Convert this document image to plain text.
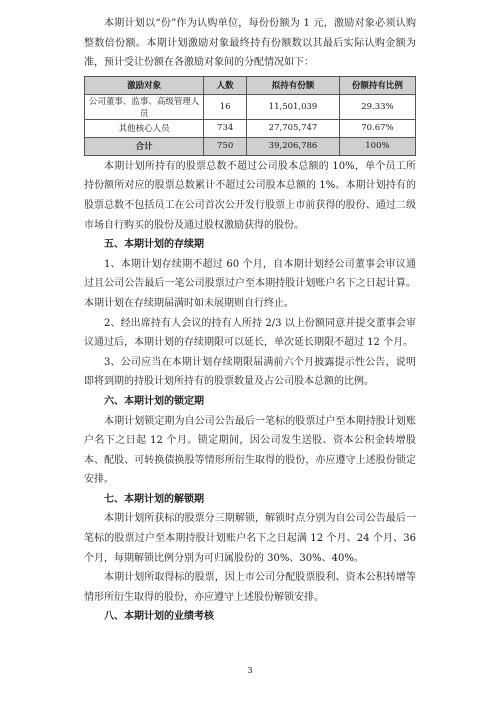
本期计划以“份”作为认购单位，每份份额为 1 元，激励对象必须认购整数倍份额。本期计划激励对象最终持有份额数以其最后实际认购金额为准，预计受让份额在各激励对象间的分配情况如下：

激励对象	人数	拟持有份额	份额持有比例
公司董事、监事、高级管理人员	16	11,501,039	29.33%
其他核心人员	734	27,705,747	70.67%
合计	750	39,206,786	100%

本期计划所持有的股票总数不超过公司股本总额的 10%，单个员工所持份额所对应的股票总数累计不超过公司股本总额的 1%。本期计划持有的股票总数不包括员工在公司首次公开发行股票上市前获得的股份、通过二级市场自行购买的股份及通过股权激励获得的股份。

五、本期计划的存续期

1、本期计划存续期不超过 60 个月，自本期计划经公司董事会审议通过且公司公告最后一笔公司股票过户至本期持股计划账户名下之日起计算。本期计划在存续期届满时如未展期则自行终止。

2、经出席持有人会议的持有人所持 2/3 以上份额同意并提交董事会审议通过后，本期计划的存续期限可以延长，单次延长期限不超过 12 个月。

3、公司应当在本期计划存续期限届满前六个月披露提示性公告，说明即将到期的持股计划所持有的股票数量及占公司股本总额的比例。

六、本期计划的锁定期

本期计划锁定期为自公司公告最后一笔标的股票过户至本期持股计划账户名下之日起 12 个月。锁定期间，因公司发生送股、资本公积金转增股本、配股、可转换债换股等情形所衍生取得的股份，亦应遵守上述股份锁定安排。

七、本期计划的解锁期

本期计划所获标的股票分三期解锁，解锁时点分别为自公司公告最后一笔标的股票过户至本期持股计划账户名下之日起满 12 个月、24 个月、36 个月，每期解锁比例分别为可归属股份的 30%、30%、40%。

本期计划所取得标的股票，因上市公司分配股票股利、资本公积转增等情形所衍生取得的股份，亦应遵守上述股份解锁安排。

八、本期计划的业绩考核
3
